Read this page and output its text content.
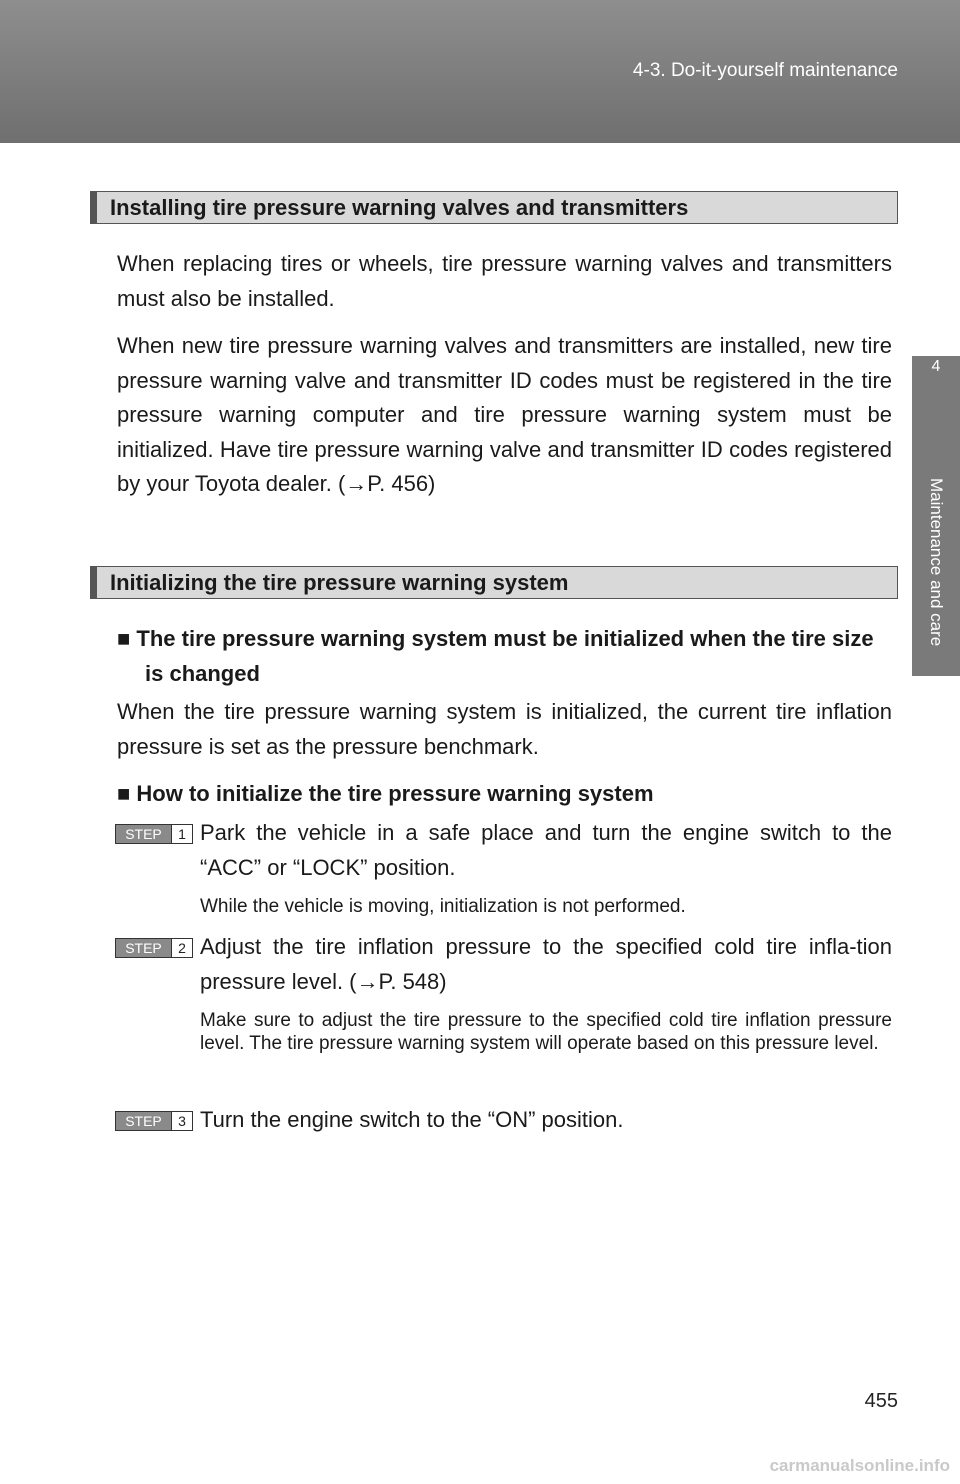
4-3. Do-it-yourself maintenance
4
Maintenance and care
Installing tire pressure warning valves and transmitters
When replacing tires or wheels, tire pressure warning valves and transmitters must also be installed.
When new tire pressure warning valves and transmitters are installed, new tire pressure warning valve and transmitter ID codes must be registered in the tire pressure warning computer and tire pressure warning system must be initialized. Have tire pressure warning valve and transmitter ID codes registered by your Toyota dealer. (→P. 456)
Initializing the tire pressure warning system
■ The tire pressure warning system must be initialized when the tire size is changed
When the tire pressure warning system is initialized, the current tire inflation pressure is set as the pressure benchmark.
■ How to initialize the tire pressure warning system
STEP	1 Park the vehicle in a safe place and turn the engine switch to the “ACC” or “LOCK” position.
While the vehicle is moving, initialization is not performed.
STEP	2 Adjust the tire inflation pressure to the specified cold tire infla-tion pressure level. (→P. 548)
Make sure to adjust the tire pressure to the specified cold tire inflation pressure level. The tire pressure warning system will operate based on this pressure level.
STEP	3 Turn the engine switch to the “ON” position.
455
carmanualsonline.info
